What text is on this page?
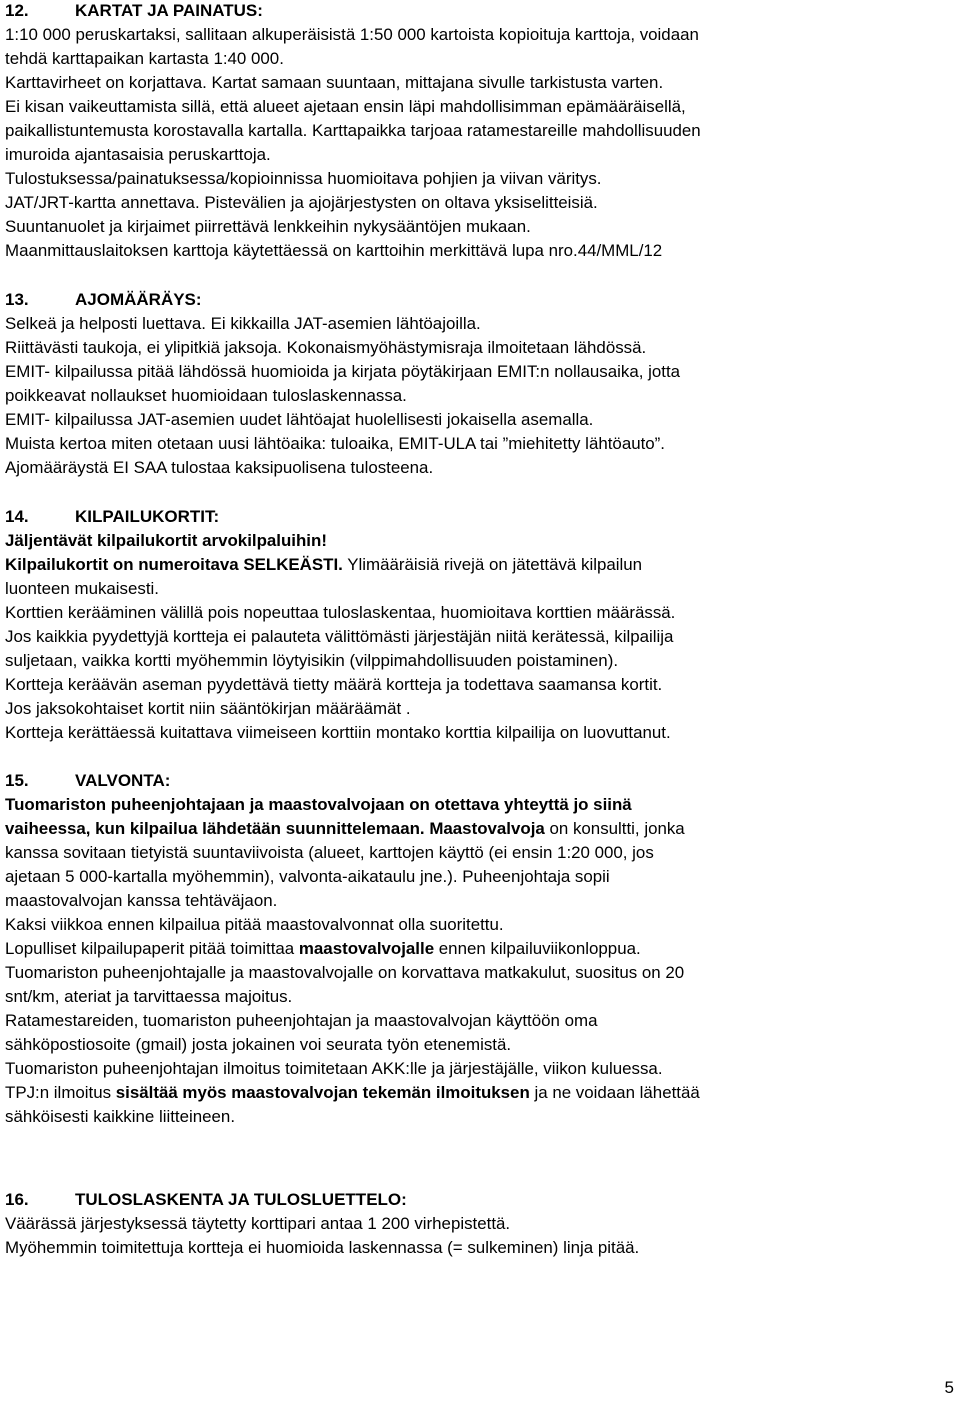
12.	KARTAT JA PAINATUS:
1:10 000 peruskartaksi, sallitaan alkuperäisistä 1:50 000 kartoista kopioituja karttoja, voidaan
tehdä karttapaikan kartasta 1:40 000.
Karttavirheet on korjattava. Kartat samaan suuntaan, mittajana sivulle tarkistusta varten.
Ei kisan vaikeuttamista sillä, että alueet ajetaan ensin läpi mahdollisimman epämääräisellä,
paikallistuntemusta korostavalla kartalla. Karttapaikka tarjoaa ratamestareille mahdollisuuden
imuroida ajantasaisia peruskarttoja.
Tulostuksessa/painatuksessa/kopioinnissa huomioitava pohjien ja viivan väritys.
JAT/JRT-kartta annettava. Pistevälien ja ajojärjestysten on oltava yksiselitteisiä.
Suuntanuolet ja kirjaimet piirrettävä lenkkeihin nykysääntöjen mukaan.
Maanmittauslaitoksen karttoja käytettäessä on karttoihin merkittävä lupa nro.44/MML/12
13.	AJOMÄÄRÄYS:
Selkeä ja helposti luettava. Ei kikkailla JAT-asemien lähtöajoilla.
Riittävästi taukoja, ei ylipitkiä jaksoja. Kokonaismyöhästymisraja ilmoitetaan lähdössä.
EMIT- kilpailussa pitää lähdössä huomioida ja kirjata pöytäkirjaan EMIT:n nollausaika, jotta
poikkeavat nollaukset huomioidaan tuloslaskennassa.
EMIT- kilpailussa JAT-asemien uudet lähtöajat huolellisesti jokaisella asemalla.
Muista kertoa miten otetaan uusi lähtöaika: tuloaika, EMIT-ULA tai ”miehitetty lähtöauto”.
Ajomääräystä EI SAA tulostaa kaksipuolisena tulosteena.
14.	KILPAILUKORTIT:
Jäljentävät kilpailukortit arvokilpaluihin!
Kilpailukortit on numeroitava SELKEÄSTI. Ylimääräisiä rivejä on jätettävä kilpailun
luonteen mukaisesti.
Korttien kerääminen välillä pois nopeuttaa tuloslaskentaa, huomioitava korttien määrässä.
Jos kaikkia pyydettyjä kortteja ei palauteta välittömästi järjestäjän niitä kerätessä, kilpailija
suljetaan, vaikka kortti myöhemmin löytyisikin (vilppimahdollisuuden poistaminen).
Kortteja keräävän aseman pyydettävä tietty määrä kortteja ja todettava saamansa kortit.
Jos jaksokohtaiset kortit niin sääntökirjan määräämät .
Kortteja kerättäessä kuitattava viimeiseen korttiin montako korttia kilpailija on luovuttanut.
15.	VALVONTA:
Tuomariston puheenjohtajaan ja maastovalvojaan on otettava yhteyttä jo siinä
vaiheessa, kun kilpailua lähdetään suunnittelemaan. Maastovalvoja on konsultti, jonka
kanssa sovitaan tietyistä suuntaviivoista (alueet, karttojen käyttö (ei ensin 1:20 000, jos
ajetaan 5 000-kartalla myöhemmin), valvonta-aikataulu jne.). Puheenjohtaja sopii
maastovalvojan kanssa tehtäväjaon.
Kaksi viikkoa ennen kilpailua pitää maastovalvonnat olla suoritettu.
Lopulliset kilpailupaperit pitää toimittaa maastovalvojalle ennen kilpailuviikonloppua.
Tuomariston puheenjohtajalle ja maastovalvojalle on korvattava matkakulut, suositus on 20
snt/km, ateriat ja tarvittaessa majoitus.
Ratamestareiden, tuomariston puheenjohtajan ja maastovalvojan käyttöön oma
sähköpostiosoite (gmail) josta jokainen voi seurata työn etenemistä.
Tuomariston puheenjohtajan ilmoitus toimitetaan AKK:lle ja järjestäjälle, viikon kuluessa.
TPJ:n ilmoitus sisältää myös maastovalvojan tekemän ilmoituksen ja ne voidaan lähettää
sähköisesti kaikkine liitteineen.
16.	TULOSLASKENTA JA TULOSLUETTELO:
Väärässä järjestyksessä täytetty korttipari antaa 1 200 virhepistettä.
Myöhemmin toimitettuja kortteja ei huomioida laskennassa (= sulkeminen) linja pitää.
5
